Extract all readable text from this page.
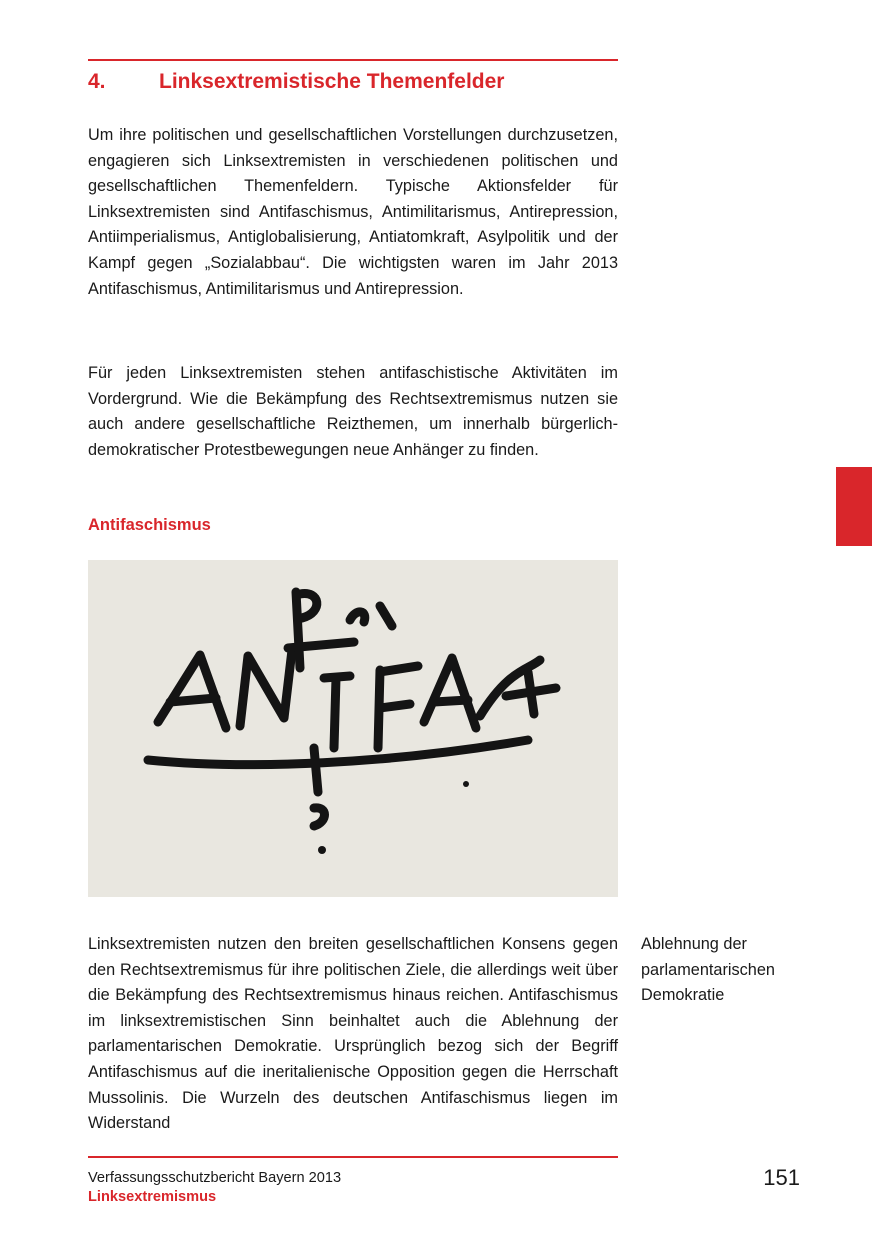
4.	Linksextremistische Themenfelder

Um ihre politischen und gesellschaftlichen Vorstellungen durchzusetzen, engagieren sich Linksextremisten in verschiedenen politischen und gesellschaftlichen Themenfeldern. Typische Aktionsfelder für Linksextremisten sind Antifaschismus, Antimilitarismus, Antirepression, Antiimperialismus, Antiglobalisierung, Antiatomkraft, Asylpolitik und der Kampf gegen „Sozialabbau“. Die wichtigsten waren im Jahr 2013 Antifaschismus, Antimilitarismus und Antirepression.

Für jeden Linksextremisten stehen antifaschistische Aktivitäten im Vordergrund. Wie die Bekämpfung des Rechtsextremismus nutzen sie auch andere gesellschaftliche Reizthemen, um innerhalb bürgerlich-demokratischer Protestbewegungen neue Anhänger zu finden.

Antifaschismus

Linksextremisten nutzen den breiten gesellschaftlichen Konsens gegen den Rechtsextremismus für ihre politischen Ziele, die allerdings weit über die Bekämpfung des Rechtsextremismus hinaus reichen. Antifaschismus im linksextremistischen Sinn beinhaltet auch die Ablehnung der parlamentarischen Demokratie. Ursprünglich bezog sich der Begriff Antifaschismus auf die ineritalienische Opposition gegen die Herrschaft Mussolinis. Die Wurzeln des deutschen Antifaschismus liegen im Widerstand

Ablehnung der parlamentarischen Demokratie

Verfassungsschutzbericht Bayern 2013
Linksextremismus
151
